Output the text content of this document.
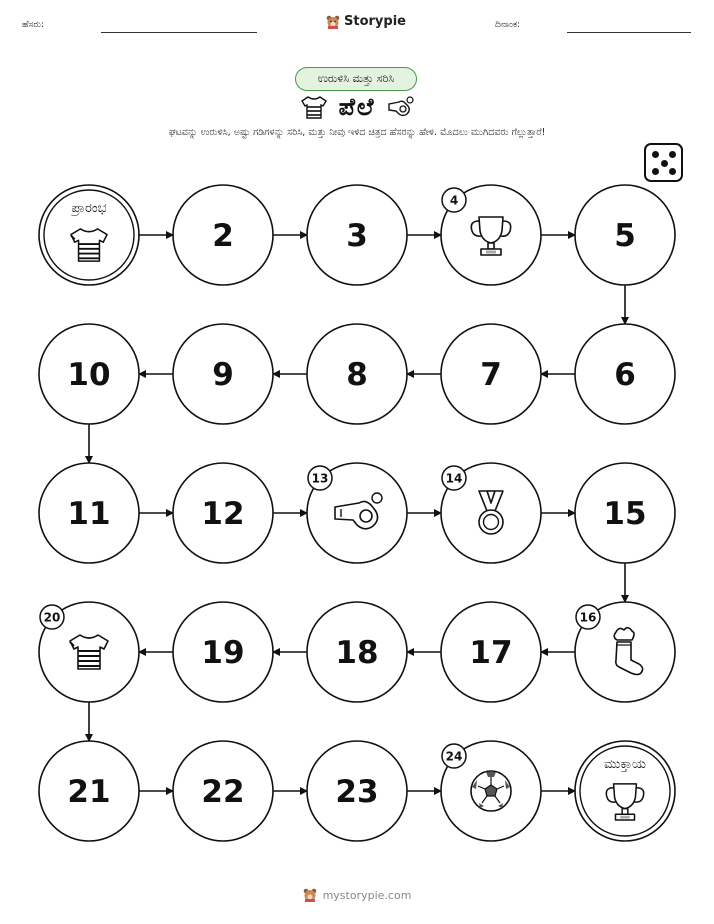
ಹೆಸರು:	Storypie	ದಿನಾಂಕ:
ಉರುಳಿಸಿ ಮತ್ತು ಸರಿಸಿ
ಪೆಲೆ
ಘಟವನ್ನು ಉರುಳಿಸಿ, ಅಷ್ಟು ಗಡಿಗಳನ್ನು ಸರಿಸಿ, ಮತ್ತು ನೀವು ಇಳಿದ ಚಿತ್ರದ ಹೆಸರನ್ನು ಹೇಳಿ. ಮೊದಲು ಮುಗಿದವರು ಗೆಲ್ಲುತ್ತಾರೆ!
ಪ್ರಾರಂಭ
2	3
4
5
6
7
8
9
10
11	12
13	14
15
16
17
18
19
20
21	22	23
24
ಮುಕ್ತಾಯ
mystorypie.com
